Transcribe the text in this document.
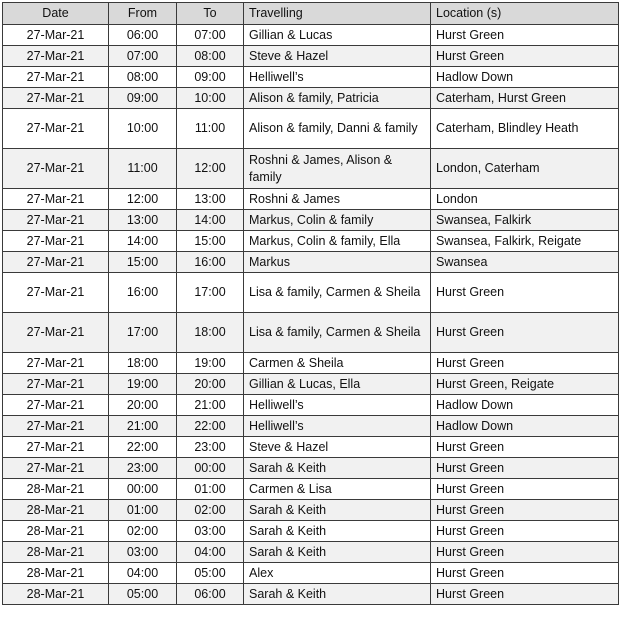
Date	From	To	Travelling	Location (s)
27-Mar-21	06:00	07:00	Gillian & Lucas	Hurst Green
27-Mar-21	07:00	08:00	Steve & Hazel	Hurst Green
27-Mar-21	08:00	09:00	Helliwell’s	Hadlow Down
27-Mar-21	09:00	10:00	Alison & family, Patricia	Caterham, Hurst Green
27-Mar-21	10:00	11:00	Alison & family, Danni & family	Caterham, Blindley Heath
27-Mar-21	11:00	12:00	Roshni & James, Alison & family	London, Caterham
27-Mar-21	12:00	13:00	Roshni & James	London
27-Mar-21	13:00	14:00	Markus, Colin & family	Swansea, Falkirk
27-Mar-21	14:00	15:00	Markus, Colin & family, Ella	Swansea, Falkirk, Reigate
27-Mar-21	15:00	16:00	Markus	Swansea
27-Mar-21	16:00	17:00	Lisa & family, Carmen & Sheila	Hurst Green
27-Mar-21	17:00	18:00	Lisa & family, Carmen & Sheila	Hurst Green
27-Mar-21	18:00	19:00	Carmen & Sheila	Hurst Green
27-Mar-21	19:00	20:00	Gillian & Lucas, Ella	Hurst Green, Reigate
27-Mar-21	20:00	21:00	Helliwell’s	Hadlow Down
27-Mar-21	21:00	22:00	Helliwell’s	Hadlow Down
27-Mar-21	22:00	23:00	Steve & Hazel	Hurst Green
27-Mar-21	23:00	00:00	Sarah & Keith	Hurst Green
28-Mar-21	00:00	01:00	Carmen & Lisa	Hurst Green
28-Mar-21	01:00	02:00	Sarah & Keith	Hurst Green
28-Mar-21	02:00	03:00	Sarah & Keith	Hurst Green
28-Mar-21	03:00	04:00	Sarah & Keith	Hurst Green
28-Mar-21	04:00	05:00	Alex	Hurst Green
28-Mar-21	05:00	06:00	Sarah & Keith	Hurst Green
